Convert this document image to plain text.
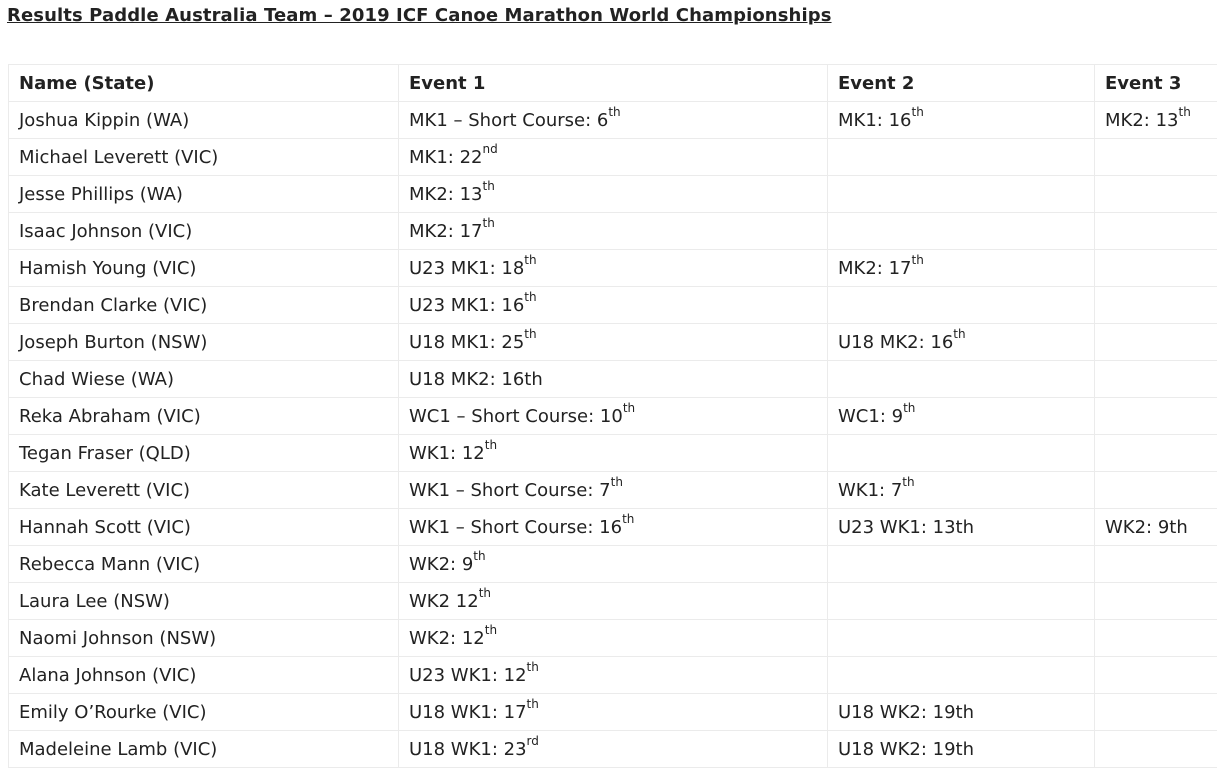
Results Paddle Australia Team – 2019 ICF Canoe Marathon World Championships
Name (State)	Event 1	Event 2	Event 3
Joshua Kippin (WA)	MK1 – Short Course: 6th	MK1: 16th	MK2: 13th
Michael Leverett (VIC)	MK1: 22nd		
Jesse Phillips (WA)	MK2: 13th		
Isaac Johnson (VIC)	MK2: 17th		
Hamish Young (VIC)	U23 MK1: 18th	MK2: 17th	
Brendan Clarke (VIC)	U23 MK1: 16th		
Joseph Burton (NSW)	U18 MK1: 25th	U18 MK2: 16th	
Chad Wiese (WA)	U18 MK2: 16th		
Reka Abraham (VIC)	WC1 – Short Course: 10th	WC1: 9th	
Tegan Fraser (QLD)	WK1: 12th		
Kate Leverett (VIC)	WK1 – Short Course: 7th	WK1: 7th	
Hannah Scott (VIC)	WK1 – Short Course: 16th	U23 WK1: 13th	WK2: 9th
Rebecca Mann (VIC)	WK2: 9th		
Laura Lee (NSW)	WK2 12th		
Naomi Johnson (NSW)	WK2: 12th		
Alana Johnson (VIC)	U23 WK1: 12th		
Emily O’Rourke (VIC)	U18 WK1: 17th	U18 WK2: 19th	
Madeleine Lamb (VIC)	U18 WK1: 23rd	U18 WK2: 19th	
